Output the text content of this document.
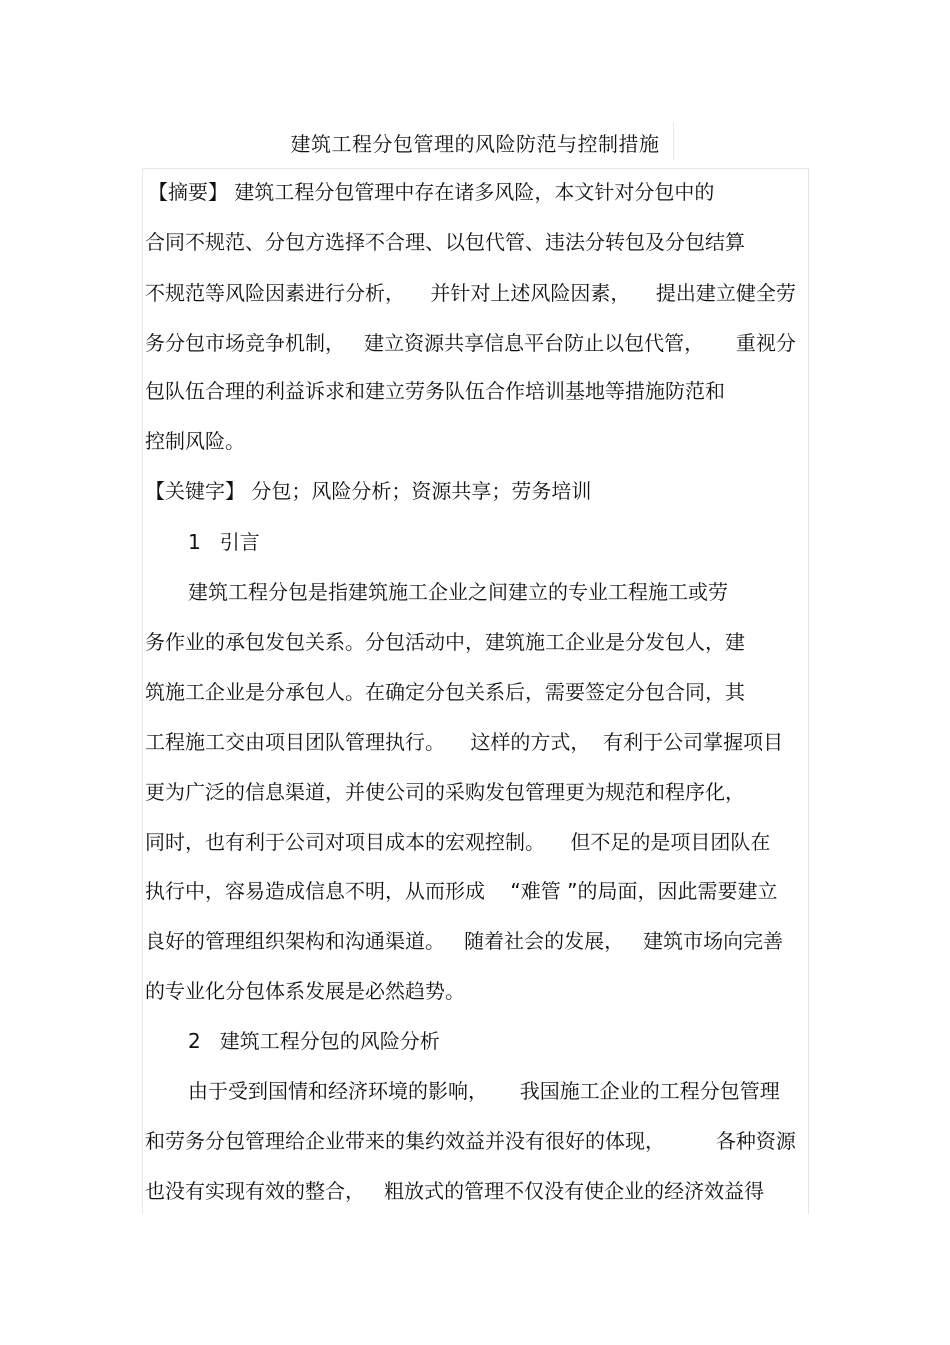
建筑工程分包管理的风险防范与控制措施
【摘要】 建筑工程分包管理中存在诸多风险，本文针对分包中的
合同不规范、分包方选择不合理、以包代管、违法分转包及分包结算
不规范等风险因素进行分析，    并针对上述风险因素，    提出建立健全劳
务分包市场竞争机制，   建立资源共享信息平台防止以包代管，     重视分
包队伍合理的利益诉求和建立劳务队伍合作培训基地等措施防范和
控制风险。
【关键字】 分包；风险分析；资源共享；劳务培训
1   引言
建筑工程分包是指建筑施工企业之间建立的专业工程施工或劳
务作业的承包发包关系。分包活动中，建筑施工企业是分发包人，建
筑施工企业是分承包人。在确定分包关系后，需要签定分包合同，其
工程施工交由项目团队管理执行。    这样的方式，  有利于公司掌握项目
更为广泛的信息渠道，并使公司的采购发包管理更为规范和程序化，
同时，也有利于公司对项目成本的宏观控制。    但不足的是项目团队在
执行中，容易造成信息不明，从而形成    “难管 ”的局面，因此需要建立
良好的管理组织架构和沟通渠道。   随着社会的发展，   建筑市场向完善
的专业化分包体系发展是必然趋势。
2   建筑工程分包的风险分析
由于受到国情和经济环境的影响，     我国施工企业的工程分包管理
和劳务分包管理给企业带来的集约效益并没有很好的体现，        各种资源
也没有实现有效的整合，   粗放式的管理不仅没有使企业的经济效益得
